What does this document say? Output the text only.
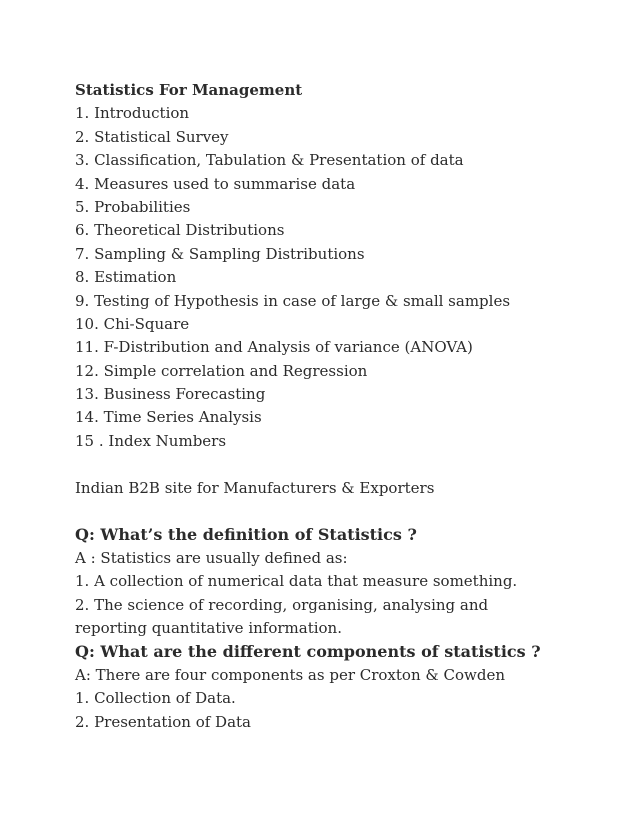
Statistics For Management
1. Introduction
2. Statistical Survey
3. Classification, Tabulation & Presentation of data
4. Measures used to summarise data
5. Probabilities
6. Theoretical Distributions
7. Sampling & Sampling Distributions
8. Estimation
9. Testing of Hypothesis in case of large & small samples
10. Chi-Square
11. F-Distribution and Analysis of variance (ANOVA)
12. Simple correlation and Regression
13. Business Forecasting
14. Time Series Analysis
15 . Index Numbers
Indian B2B site for Manufacturers & Exporters
Q: What’s the definition of Statistics ?
A : Statistics are usually defined as:
1. A collection of numerical data that measure something.
2. The science of recording, organising, analysing and reporting quantitative information.
Q: What are the different components of statistics ?
A: There are four components as per Croxton & Cowden
1. Collection of Data.
2. Presentation of Data
